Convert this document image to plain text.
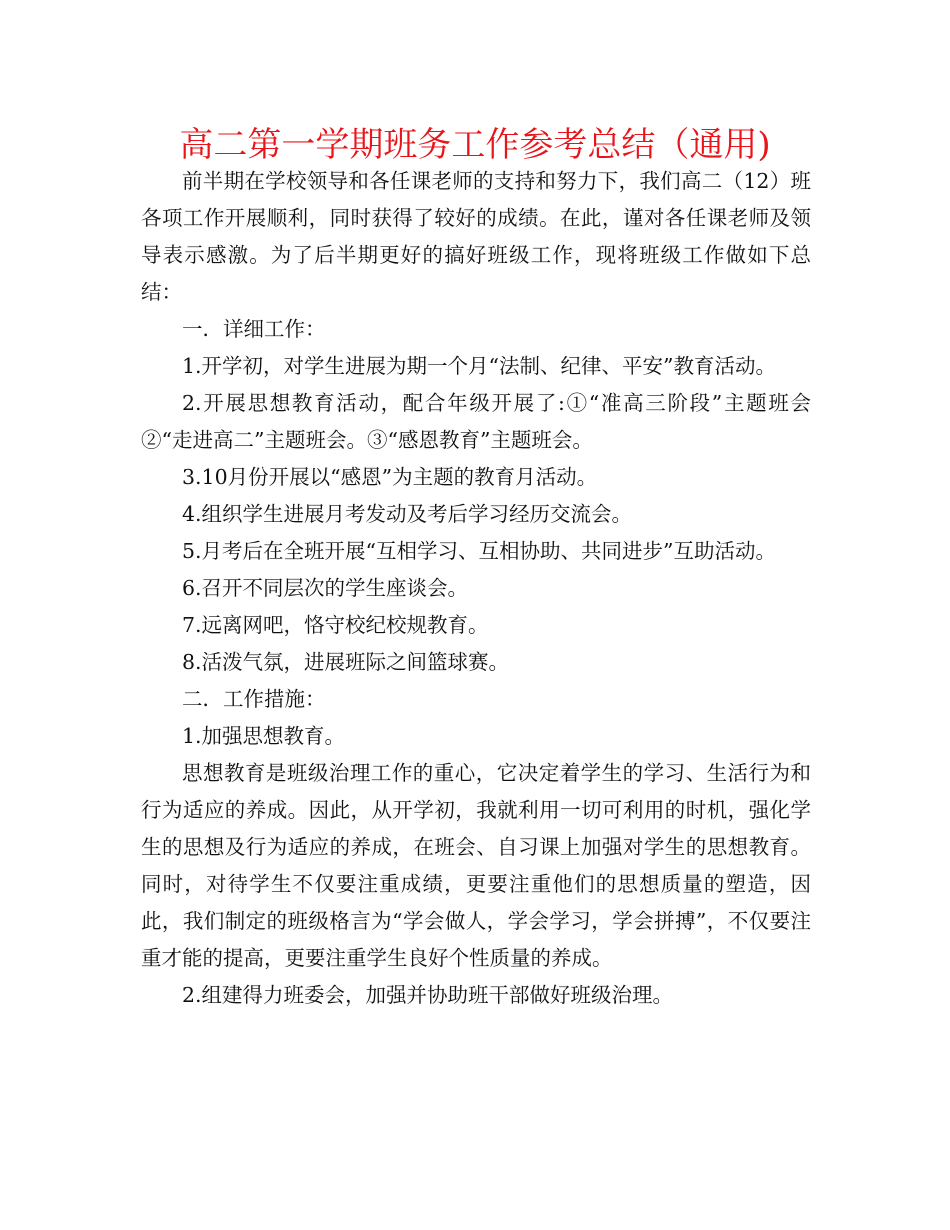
高二第一学期班务工作参考总结（通用)

前半期在学校领导和各任课老师的支持和努力下，我们高二（12）班各项工作开展顺利，同时获得了较好的成绩。在此，谨对各任课老师及领导表示感激。为了后半期更好的搞好班级工作，现将班级工作做如下总结：

一．详细工作：

1.开学初，对学生进展为期一个月“法制、纪律、平安”教育活动。

2.开展思想教育活动，配合年级开展了:①“准高三阶段”主题班会②“走进高二”主题班会。③“感恩教育”主题班会。

3.10月份开展以“感恩”为主题的教育月活动。

4.组织学生进展月考发动及考后学习经历交流会。

5.月考后在全班开展“互相学习、互相协助、共同进步”互助活动。

6.召开不同层次的学生座谈会。

7.远离网吧，恪守校纪校规教育。

8.活泼气氛，进展班际之间篮球赛。

二．工作措施：

1.加强思想教育。

思想教育是班级治理工作的重心，它决定着学生的学习、生活行为和行为适应的养成。因此，从开学初，我就利用一切可利用的时机，强化学生的思想及行为适应的养成，在班会、自习课上加强对学生的思想教育。同时，对待学生不仅要注重成绩，更要注重他们的思想质量的塑造，因此，我们制定的班级格言为“学会做人，学会学习，学会拼搏”，不仅要注重才能的提高，更要注重学生良好个性质量的养成。

2.组建得力班委会，加强并协助班干部做好班级治理。
